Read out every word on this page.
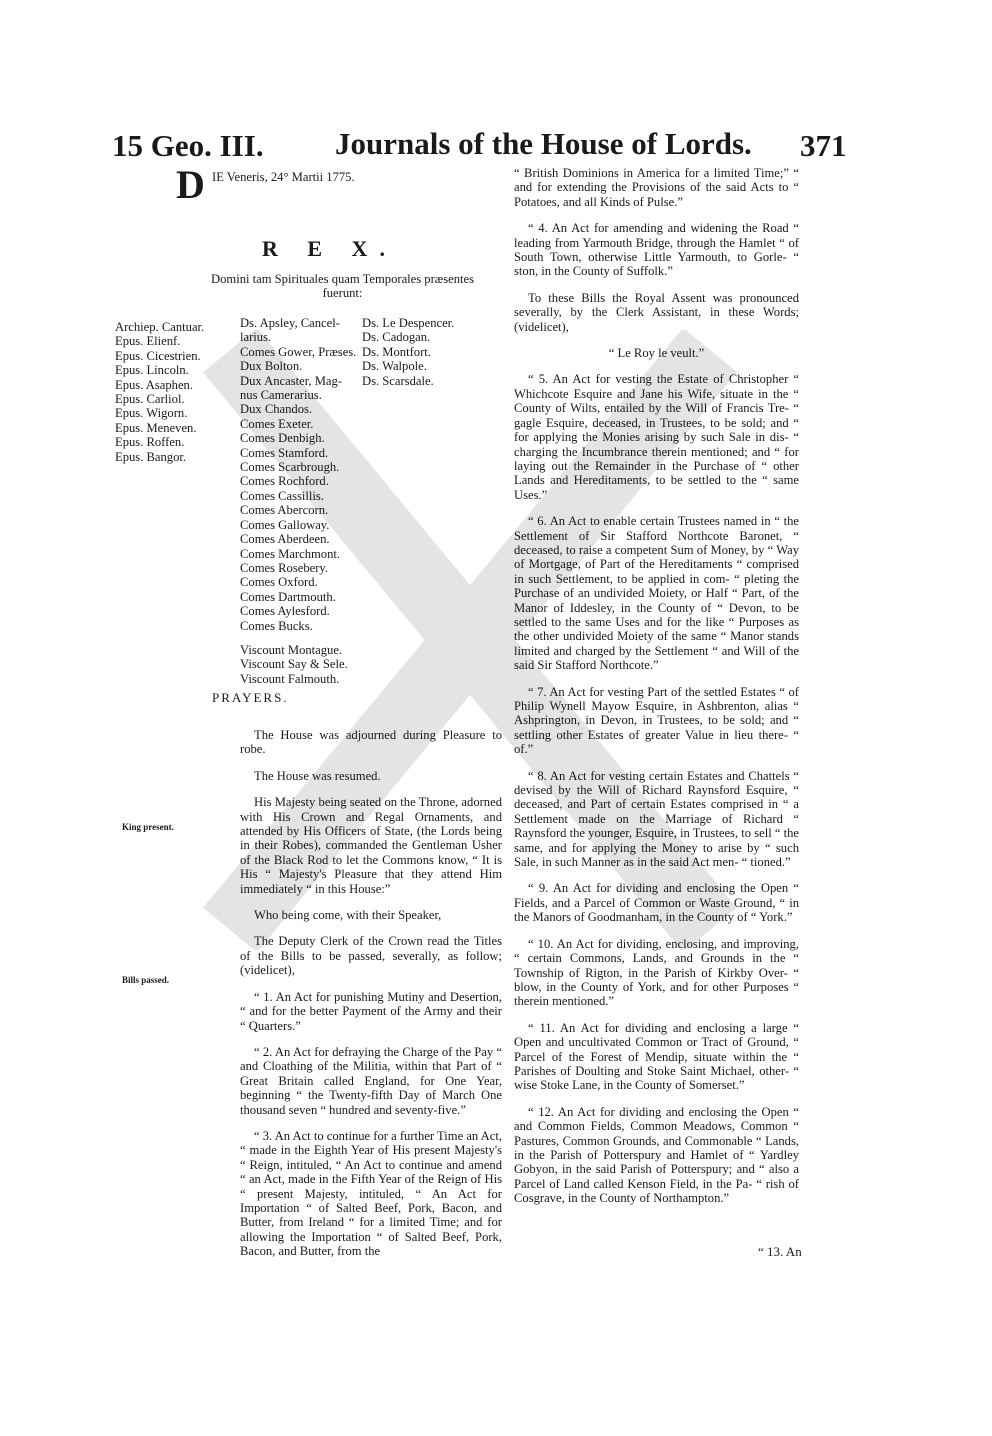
15 Geo. III. Journals of the House of Lords. 371
D IE Veneris, 24° Martii 1775.
R E X.
Domini tam Spirituales quam Temporales præsentes fuerunt:
Archiep. Cantuar.
Epus. Elienf.
Epus. Cicestrien.
Epus. Lincoln.
Epus. Asaphen.
Epus. Carliol.
Epus. Wigorn.
Epus. Meneven.
Epus. Roffen.
Epus. Bangor.
Ds. Apsley, Cancel-
larius.
Comes Gower, Præses.
Dux Bolton.
Dux Ancaster, Mag-
nus Camerarius.
Dux Chandos.
Comes Exeter.
Comes Denbigh.
Comes Stamford.
Comes Scarbrough.
Comes Rochford.
Comes Cassillis.
Comes Abercorn.
Comes Galloway.
Comes Aberdeen.
Comes Marchmont.
Comes Rosebery.
Comes Oxford.
Comes Dartmouth.
Comes Aylesford.
Comes Bucks.
Viscount Montague.
Viscount Say & Sele.
Viscount Falmouth.
Ds. Le Despencer.
Ds. Cadogan.
Ds. Montfort.
Ds. Walpole.
Ds. Scarsdale.
PRAYERS.
King present.
Bills passed.

The House was adjourned during Pleasure to robe.

The House was resumed.

His Majesty being seated on the Throne, adorned with His Crown and Regal Ornaments, and attended by His Officers of State, (the Lords being in their Robes), commanded the Gentleman Usher of the Black Rod to let the Commons know, “ It is His “ Majesty's Pleasure that they attend Him immediately “ in this House:”

Who being come, with their Speaker,

The Deputy Clerk of the Crown read the Titles of the Bills to be passed, severally, as follow; (videlicet),

“ 1. An Act for punishing Mutiny and Desertion, “ and for the better Payment of the Army and their “ Quarters.”

“ 2. An Act for defraying the Charge of the Pay “ and Cloathing of the Militia, within that Part of “ Great Britain called England, for One Year, beginning “ the Twenty-fifth Day of March One thousand seven “ hundred and seventy-five.”

“ 3. An Act to continue for a further Time an Act, “ made in the Eighth Year of His present Majesty's “ Reign, intituled, “ An Act to continue and amend “ an Act, made in the Fifth Year of the Reign of His “ present Majesty, intituled, “ An Act for Importation “ of Salted Beef, Pork, Bacon, and Butter, from Ireland “ for a limited Time; and for allowing the Importation “ of Salted Beef, Pork, Bacon, and Butter, from the

“ British Dominions in America for a limited Time;” “ and for extending the Provisions of the said Acts to “ Potatoes, and all Kinds of Pulse.”

“ 4. An Act for amending and widening the Road “ leading from Yarmouth Bridge, through the Hamlet “ of South Town, otherwise Little Yarmouth, to Gorle- “ ston, in the County of Suffolk.”

To these Bills the Royal Assent was pronounced severally, by the Clerk Assistant, in these Words; (videlicet),

“ Le Roy le veult.”

“ 5. An Act for vesting the Estate of Christopher “ Whichcote Esquire and Jane his Wife, situate in the “ County of Wilts, entailed by the Will of Francis Tre- “ gagle Esquire, deceased, in Trustees, to be sold; and “ for applying the Monies arising by such Sale in dis- “ charging the Incumbrance therein mentioned; and “ for laying out the Remainder in the Purchase of “ other Lands and Hereditaments, to be settled to the “ same Uses.”

“ 6. An Act to enable certain Trustees named in “ the Settlement of Sir Stafford Northcote Baronet, “ deceased, to raise a competent Sum of Money, by “ Way of Mortgage, of Part of the Hereditaments “ comprised in such Settlement, to be applied in com- “ pleting the Purchase of an undivided Moiety, or Half “ Part, of the Manor of Iddesley, in the County of “ Devon, to be settled to the same Uses and for the like “ Purposes as the other undivided Moiety of the same “ Manor stands limited and charged by the Settlement “ and Will of the said Sir Stafford Northcote.”

“ 7. An Act for vesting Part of the settled Estates “ of Philip Wynell Mayow Esquire, in Ashbrenton, alias “ Ashprington, in Devon, in Trustees, to be sold; and “ settling other Estates of greater Value in lieu there- “ of.”

“ 8. An Act for vesting certain Estates and Chattels “ devised by the Will of Richard Raynsford Esquire, “ deceased, and Part of certain Estates comprised in “ a Settlement made on the Marriage of Richard “ Raynsford the younger, Esquire, in Trustees, to sell “ the same, and for applying the Money to arise by “ such Sale, in such Manner as in the said Act men- “ tioned.”

“ 9. An Act for dividing and enclosing the Open “ Fields, and a Parcel of Common or Waste Ground, “ in the Manors of Goodmanham, in the County of “ York.”

“ 10. An Act for dividing, enclosing, and improving, “ certain Commons, Lands, and Grounds in the “ Township of Rigton, in the Parish of Kirkby Over- “ blow, in the County of York, and for other Purposes “ therein mentioned.”

“ 11. An Act for dividing and enclosing a large “ Open and uncultivated Common or Tract of Ground, “ Parcel of the Forest of Mendip, situate within the “ Parishes of Doulting and Stoke Saint Michael, other- “ wise Stoke Lane, in the County of Somerset.”

“ 12. An Act for dividing and enclosing the Open “ and Common Fields, Common Meadows, Common “ Pastures, Common Grounds, and Commonable “ Lands, in the Parish of Potterspury and Hamlet of “ Yardley Gobyon, in the said Parish of Potterspury; and “ also a Parcel of Land called Kenson Field, in the Pa- “ rish of Cosgrave, in the County of Northampton.”

“ 13. An
